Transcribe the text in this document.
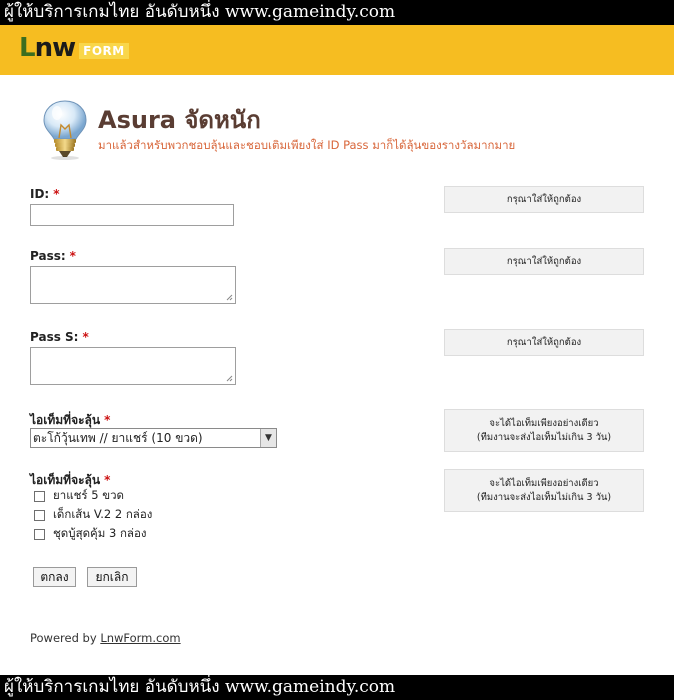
ผู้ให้บริการเกมไทย อันดับหนึ่ง www.gameindy.com
Lnw FORM
Asura จัดหนัก
มาแล้วสำหรับพวกชอบลุ้นและชอบเติมเพียงใส่ ID Pass มาก็ได้ลุ้นของรางวัลมากมาย
ID: *	กรุณาใส่ให้ถูกต้อง
Pass: *	กรุณาใส่ให้ถูกต้อง
Pass S: *	กรุณาใส่ให้ถูกต้อง
ไอเท็มที่จะลุ้น *
ตะโก้วุ้นเทพ // ยาแชร์ (10 ขวด)	▼
จะได้ไอเท็มเพียงอย่างเดียว
(ทีมงานจะส่งไอเท็มไม่เกิน 3 วัน)
ไอเท็มที่จะลุ้น *
ยาแชร์ 5 ขวด
เด็กเส้น V.2 2 กล่อง
ชุดบู้สุดคุ้ม 3 กล่อง
จะได้ไอเท็มเพียงอย่างเดียว
(ทีมงานจะส่งไอเท็มไม่เกิน 3 วัน)
ตกลง	ยกเลิก
Powered by LnwForm.com
ผู้ให้บริการเกมไทย อันดับหนึ่ง www.gameindy.com
